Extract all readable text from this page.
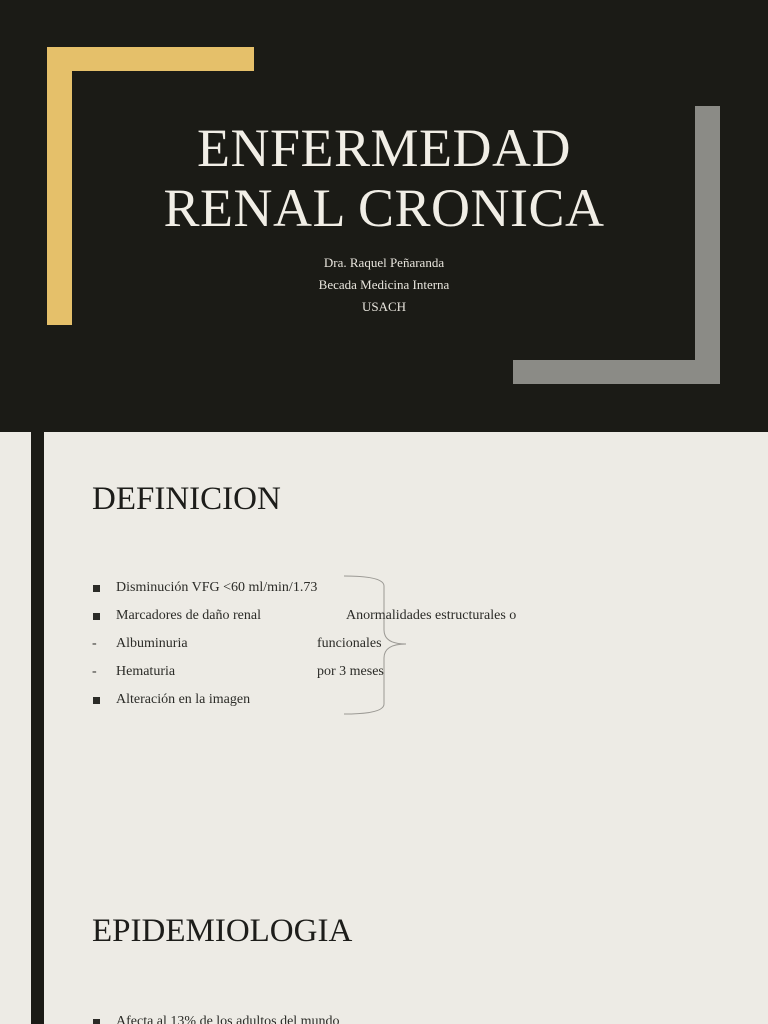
ENFERMEDAD
RENAL CRONICA
Dra. Raquel Peñaranda
Becada Medicina Interna
USACH
DEFINICION
Disminución VFG <60 ml/min/1.73
Marcadores de daño renal
-	Albuminuria
-	Hematuria
Alteración en la imagen
Anormalidades estructurales o
funcionales
por 3 meses
EPIDEMIOLOGIA
Afecta al 13% de los adultos del mundo
